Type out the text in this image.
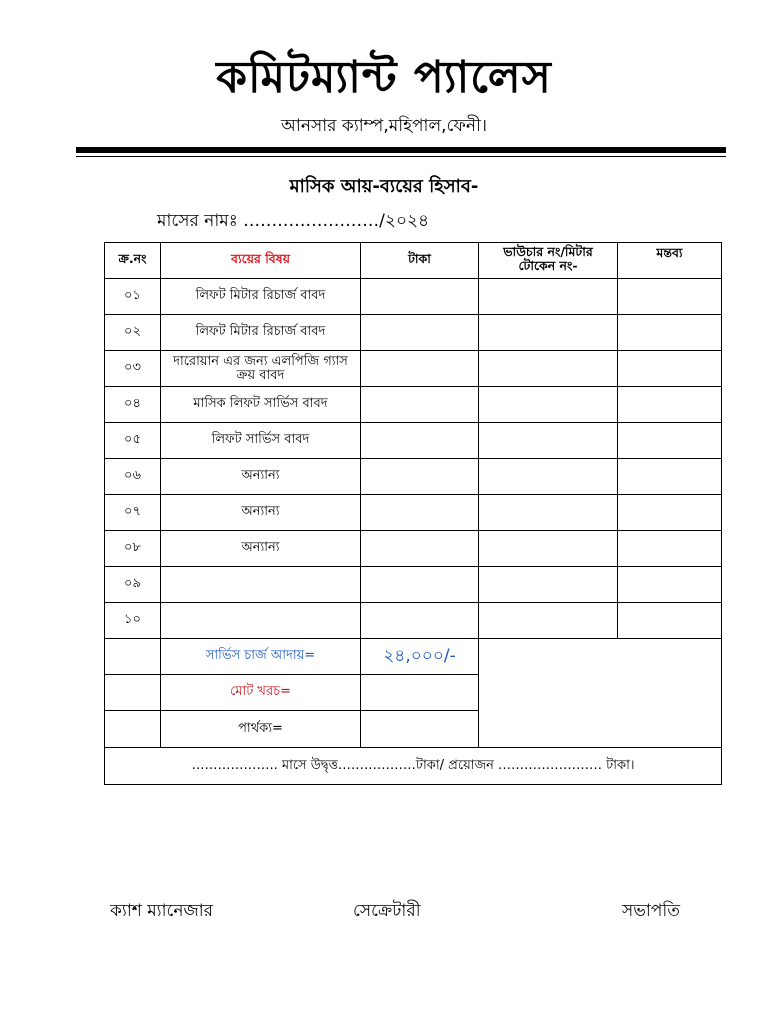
কমিটম্যান্ট প্যালেস
আনসার ক্যাম্প,মহিপাল,ফেনী।
মাসিক আয়-ব্যয়ের হিসাব-
মাসের নামঃ ……………………/২০২৪
ক্র.নং	ব্যয়ের বিষয়	টাকা	ভাউচার নং/মিটার টোকেন নং-	মন্তব্য
০১	লিফট মিটার রিচার্জ বাবদ			
০২	লিফট মিটার রিচার্জ বাবদ			
০৩	দারোয়ান এর জন্য এলপিজি গ্যাস ক্রয় বাবদ			
০৪	মাসিক লিফট সার্ভিস বাবদ			
০৫	লিফট সার্ভিস বাবদ			
০৬	অন্যান্য			
০৭	অন্যান্য			
০৮	অন্যান্য			
০৯				
১০				
	সার্ভিস চার্জ আদায়=	২৪,০০০/-		
	মোট খরচ=			
	পার্থক্য=			
……………….. মাসে উদ্বৃত্ত………………টাকা/ প্রয়োজন …………………… টাকা।				
ক্যাশ ম্যানেজার	সেক্রেটারী	সভাপতি
